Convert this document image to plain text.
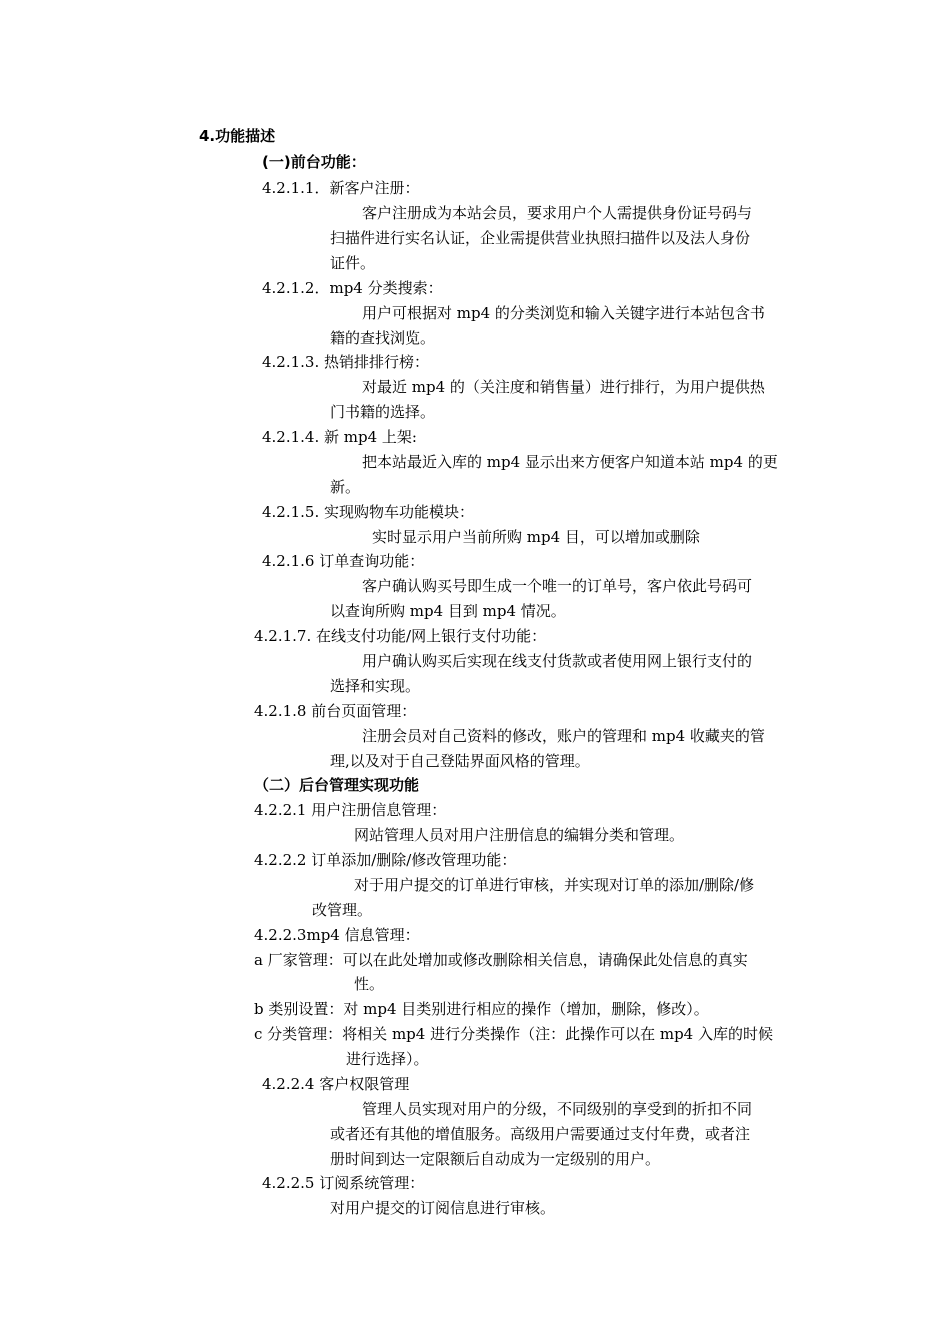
4.功能描述
(一)前台功能：
4.2.1.1．新客户注册：
客户注册成为本站会员，要求用户个人需提供身份证号码与
扫描件进行实名认证，企业需提供营业执照扫描件以及法人身份
证件。
4.2.1.2．mp4 分类搜索：
用户可根据对 mp4 的分类浏览和输入关键字进行本站包含书
籍的查找浏览。
4.2.1.3. 热销排排行榜：
对最近 mp4 的（关注度和销售量）进行排行，为用户提供热
门书籍的选择。
4.2.1.4. 新 mp4 上架:
把本站最近入库的 mp4 显示出来方便客户知道本站 mp4 的更
新。
4.2.1.5. 实现购物车功能模块：
实时显示用户当前所购 mp4 目，可以增加或删除
4.2.1.6 订单查询功能：
客户确认购买号即生成一个唯一的订单号，客户依此号码可
以查询所购 mp4 目到 mp4 情况。
4.2.1.7. 在线支付功能/网上银行支付功能：
用户确认购买后实现在线支付货款或者使用网上银行支付的
选择和实现。
4.2.1.8 前台页面管理：
注册会员对自己资料的修改，账户的管理和 mp4 收藏夹的管
理,以及对于自己登陆界面风格的管理。
（二）后台管理实现功能
4.2.2.1 用户注册信息管理：
网站管理人员对用户注册信息的编辑分类和管理。
4.2.2.2 订单添加/删除/修改管理功能：
对于用户提交的订单进行审核，并实现对订单的添加/删除/修
改管理。
4.2.2.3mp4 信息管理：
a 厂家管理：可以在此处增加或修改删除相关信息，请确保此处信息的真实
性。
b 类别设置：对 mp4 目类别进行相应的操作（增加，删除，修改）。
c 分类管理：将相关 mp4 进行分类操作（注：此操作可以在 mp4 入库的时候
进行选择）。
4.2.2.4 客户权限管理
管理人员实现对用户的分级，不同级别的享受到的折扣不同
或者还有其他的增值服务。高级用户需要通过支付年费，或者注
册时间到达一定限额后自动成为一定级别的用户。
4.2.2.5 订阅系统管理：
对用户提交的订阅信息进行审核。
